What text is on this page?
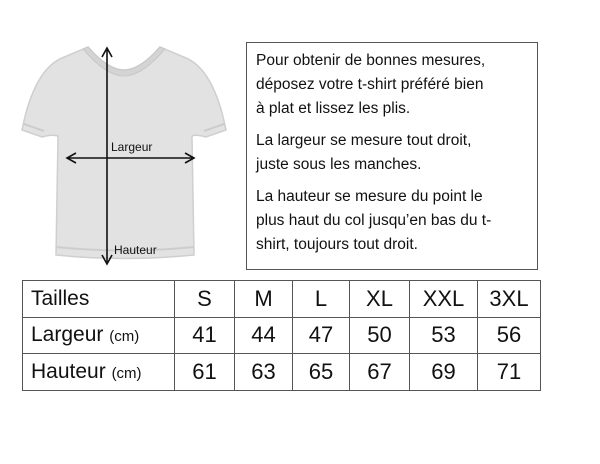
Largeur
Hauteur

Pour obtenir de bonnes mesures,
déposez votre t-shirt préféré bien
à plat et lissez les plis.

La largeur se mesure tout droit,
juste sous les manches.

La hauteur se mesure du point le
plus haut du col jusqu’en bas du t-
shirt, toujours tout droit.

Tailles	S	M	L	XL	XXL	3XL
Largeur (cm)	41	44	47	50	53	56
Hauteur (cm)	61	63	65	67	69	71
